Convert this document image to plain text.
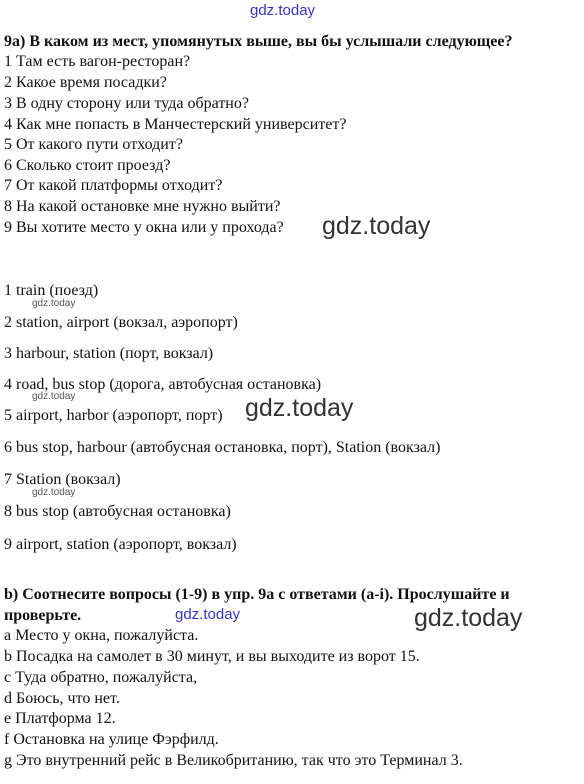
gdz.today
9a) В каком из мест, упомянутых выше, вы бы услышали следующее?
1 Там есть вагон-ресторан?
2 Какое время посадки?
3 В одну сторону или туда обратно?
4 Как мне попасть в Манчестерский университет?
5 От какого пути отходит?
6 Сколько стоит проезд?
7 От какой платформы отходит?
8 На какой остановке мне нужно выйти?
9 Вы хотите место у окна или у прохода? gdz.today
1 train (поезд)
gdz.today
2 station, airport (вокзал, аэропорт)
3 harbour, station (порт, вокзал)
4 road, bus stop (дорога, автобусная остановка)
gdz.today
5 airport, harbor (аэропорт, порт) gdz.today
6 bus stop, harbour (автобусная остановка, порт), Station (вокзал)
7 Station (вокзал)
gdz.today
8 bus stop (автобусная остановка)
9 airport, station (аэропорт, вокзал)
b) Соотнесите вопросы (1-9) в упр. 9а с ответами (a-i). Прослушайте и
проверьте.	gdz.today	gdz.today
a Место у окна, пожалуйста.
b Посадка на самолет в 30 минут, и вы выходите из ворот 15.
c Туда обратно, пожалуйста,
d Боюсь, что нет.
e Платформа 12.
f Остановка на улице Фэрфилд.
g Это внутренний рейс в Великобританию, так что это Терминал 3.
